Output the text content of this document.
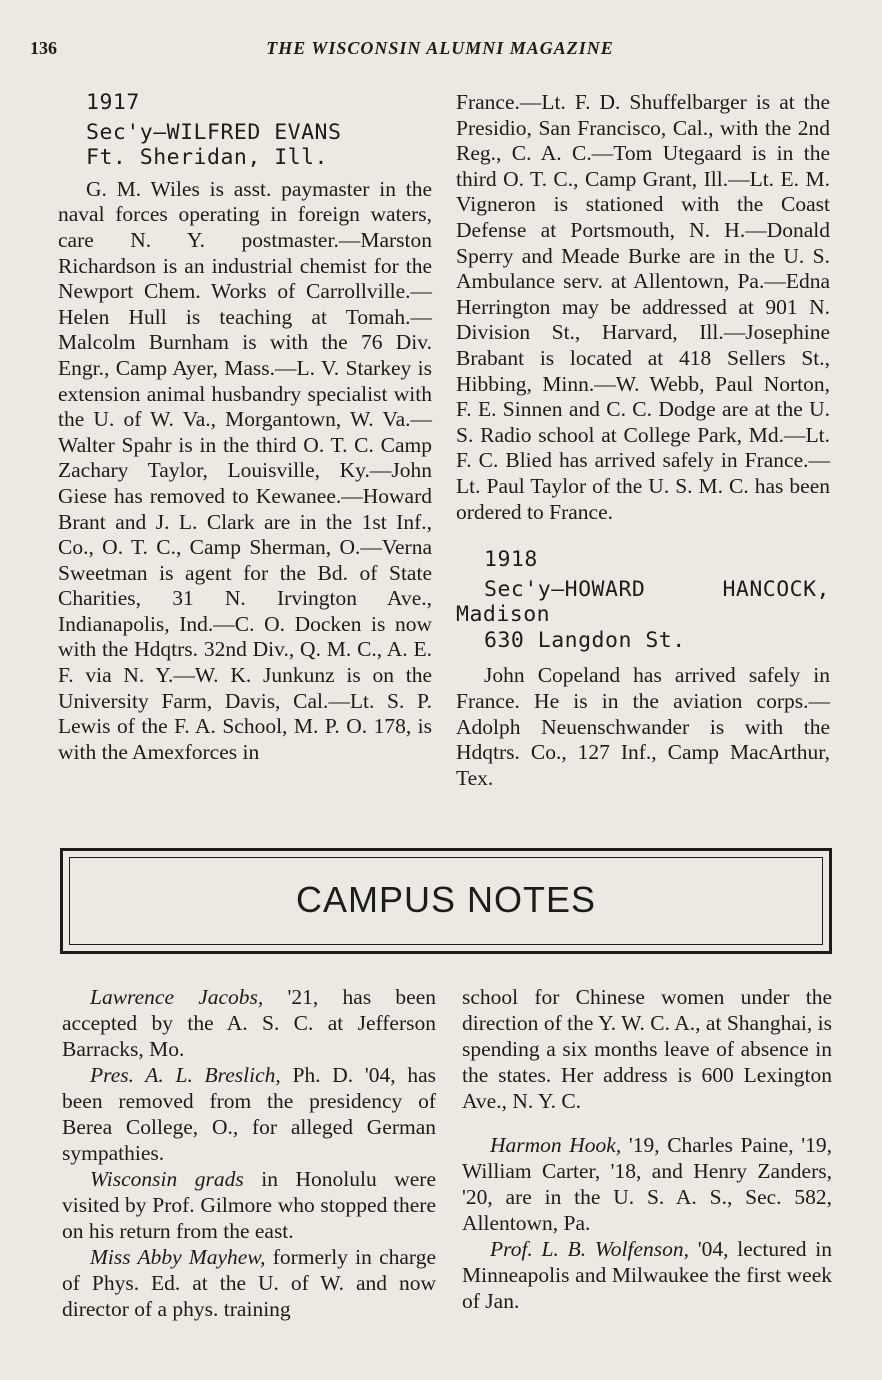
136	THE WISCONSIN ALUMNI MAGAZINE

1917

Sec'y—WILFRED EVANS

Ft. Sheridan, Ill.

G. M. Wiles is asst. paymaster in the naval forces operating in foreign waters, care N. Y. postmaster.—Marston Richardson is an industrial chemist for the Newport Chem. Works of Carrollville.—Helen Hull is teaching at Tomah.—Malcolm Burnham is with the 76 Div. Engr., Camp Ayer, Mass.—L. V. Starkey is extension animal husbandry specialist with the U. of W. Va., Morgantown, W. Va.—Walter Spahr is in the third O. T. C. Camp Zachary Taylor, Louisville, Ky.—John Giese has removed to Kewanee.—Howard Brant and J. L. Clark are in the 1st Inf., Co., O. T. C., Camp Sherman, O.—Verna Sweetman is agent for the Bd. of State Charities, 31 N. Irvington Ave., Indianapolis, Ind.—C. O. Docken is now with the Hdqtrs. 32nd Div., Q. M. C., A. E. F. via N. Y.—W. K. Junkunz is on the University Farm, Davis, Cal.—Lt. S. P. Lewis of the F. A. School, M. P. O. 178, is with the Amexforces in

France.—Lt. F. D. Shuffelbarger is at the Presidio, San Francisco, Cal., with the 2nd Reg., C. A. C.—Tom Utegaard is in the third O. T. C., Camp Grant, Ill.—Lt. E. M. Vigneron is stationed with the Coast Defense at Portsmouth, N. H.—Donald Sperry and Meade Burke are in the U. S. Ambulance serv. at Allentown, Pa.—Edna Herrington may be addressed at 901 N. Division St., Harvard, Ill.—Josephine Brabant is located at 418 Sellers St., Hibbing, Minn.—W. Webb, Paul Norton, F. E. Sinnen and C. C. Dodge are at the U. S. Radio school at College Park, Md.—Lt. F. C. Blied has arrived safely in France.—Lt. Paul Taylor of the U. S. M. C. has been ordered to France.

1918

Sec'y—HOWARD HANCOCK, Madison

630 Langdon St.

John Copeland has arrived safely in France. He is in the aviation corps.—Adolph Neuenschwander is with the Hdqtrs. Co., 127 Inf., Camp MacArthur, Tex.

CAMPUS NOTES

Lawrence Jacobs, '21, has been accepted by the A. S. C. at Jefferson Barracks, Mo.

Pres. A. L. Breslich, Ph. D. '04, has been removed from the presidency of Berea College, O., for alleged German sympathies.

Wisconsin grads in Honolulu were visited by Prof. Gilmore who stopped there on his return from the east.

Miss Abby Mayhew, formerly in charge of Phys. Ed. at the U. of W. and now director of a phys. training

school for Chinese women under the direction of the Y. W. C. A., at Shanghai, is spending a six months leave of absence in the states. Her address is 600 Lexington Ave., N. Y. C.

Harmon Hook, '19, Charles Paine, '19, William Carter, '18, and Henry Zanders, '20, are in the U. S. A. S., Sec. 582, Allentown, Pa.

Prof. L. B. Wolfenson, '04, lectured in Minneapolis and Milwaukee the first week of Jan.
